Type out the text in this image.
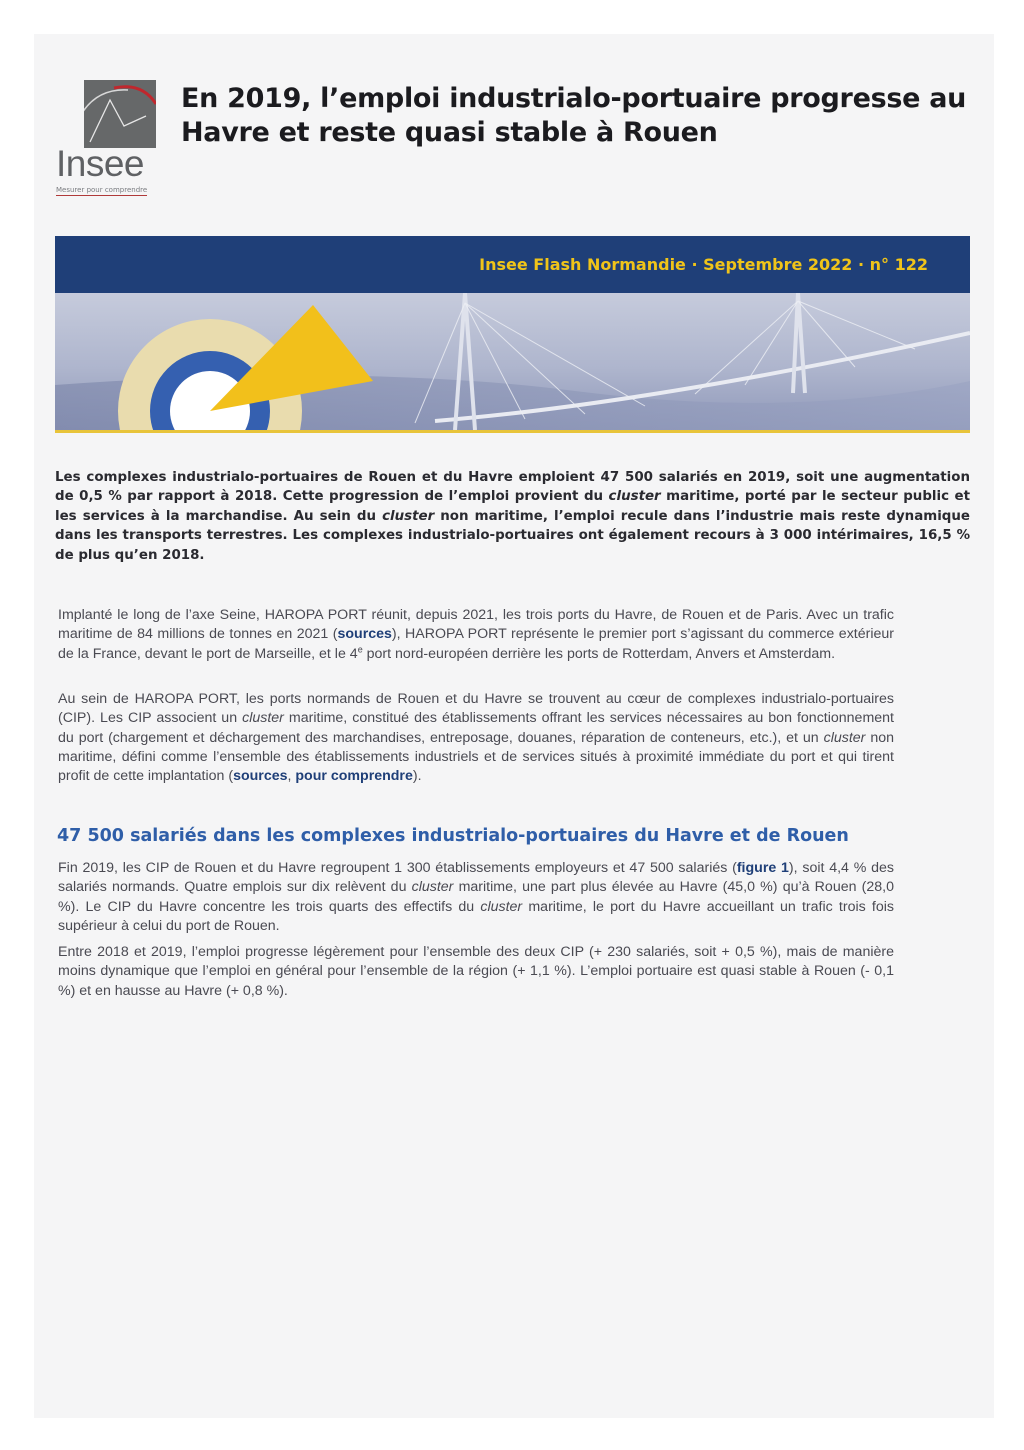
Insee
Mesurer pour comprendre
En 2019, l’emploi industrialo-portuaire progresse au Havre et reste quasi stable à Rouen
Insee Flash Normandie · Septembre 2022 · n° 122

Les complexes industrialo-portuaires de Rouen et du Havre emploient 47 500 salariés en 2019, soit une augmentation de 0,5 % par rapport à 2018. Cette progression de l’emploi provient du cluster maritime, porté par le secteur public et les services à la marchandise. Au sein du cluster non maritime, l’emploi recule dans l’industrie mais reste dynamique dans les transports terrestres. Les complexes industrialo-portuaires ont également recours à 3 000 intérimaires, 16,5 % de plus qu’en 2018.

Implanté le long de l’axe Seine, HAROPA PORT réunit, depuis 2021, les trois ports du Havre, de Rouen et de Paris. Avec un trafic maritime de 84 millions de tonnes en 2021 (sources), HAROPA PORT représente le premier port s’agissant du commerce extérieur de la France, devant le port de Marseille, et le 4e port nord-européen derrière les ports de Rotterdam, Anvers et Amsterdam.

Au sein de HAROPA PORT, les ports normands de Rouen et du Havre se trouvent au cœur de complexes industrialo-portuaires (CIP). Les CIP associent un cluster maritime, constitué des établissements offrant les services nécessaires au bon fonctionnement du port (chargement et déchargement des marchandises, entreposage, douanes, réparation de conteneurs, etc.), et un cluster non maritime, défini comme l’ensemble des établissements industriels et de services situés à proximité immédiate du port et qui tirent profit de cette implantation (sources, pour comprendre).

47 500 salariés dans les complexes industrialo-portuaires du Havre et de Rouen

Fin 2019, les CIP de Rouen et du Havre regroupent 1 300 établissements employeurs et 47 500 salariés (figure 1), soit 4,4 % des salariés normands. Quatre emplois sur dix relèvent du cluster maritime, une part plus élevée au Havre (45,0 %) qu’à Rouen (28,0 %). Le CIP du Havre concentre les trois quarts des effectifs du cluster maritime, le port du Havre accueillant un trafic trois fois supérieur à celui du port de Rouen.

Entre 2018 et 2019, l’emploi progresse légèrement pour l’ensemble des deux CIP (+ 230 salariés, soit + 0,5 %), mais de manière moins dynamique que l’emploi en général pour l’ensemble de la région (+ 1,1 %). L’emploi portuaire est quasi stable à Rouen (- 0,1 %) et en hausse au Havre (+ 0,8 %).
